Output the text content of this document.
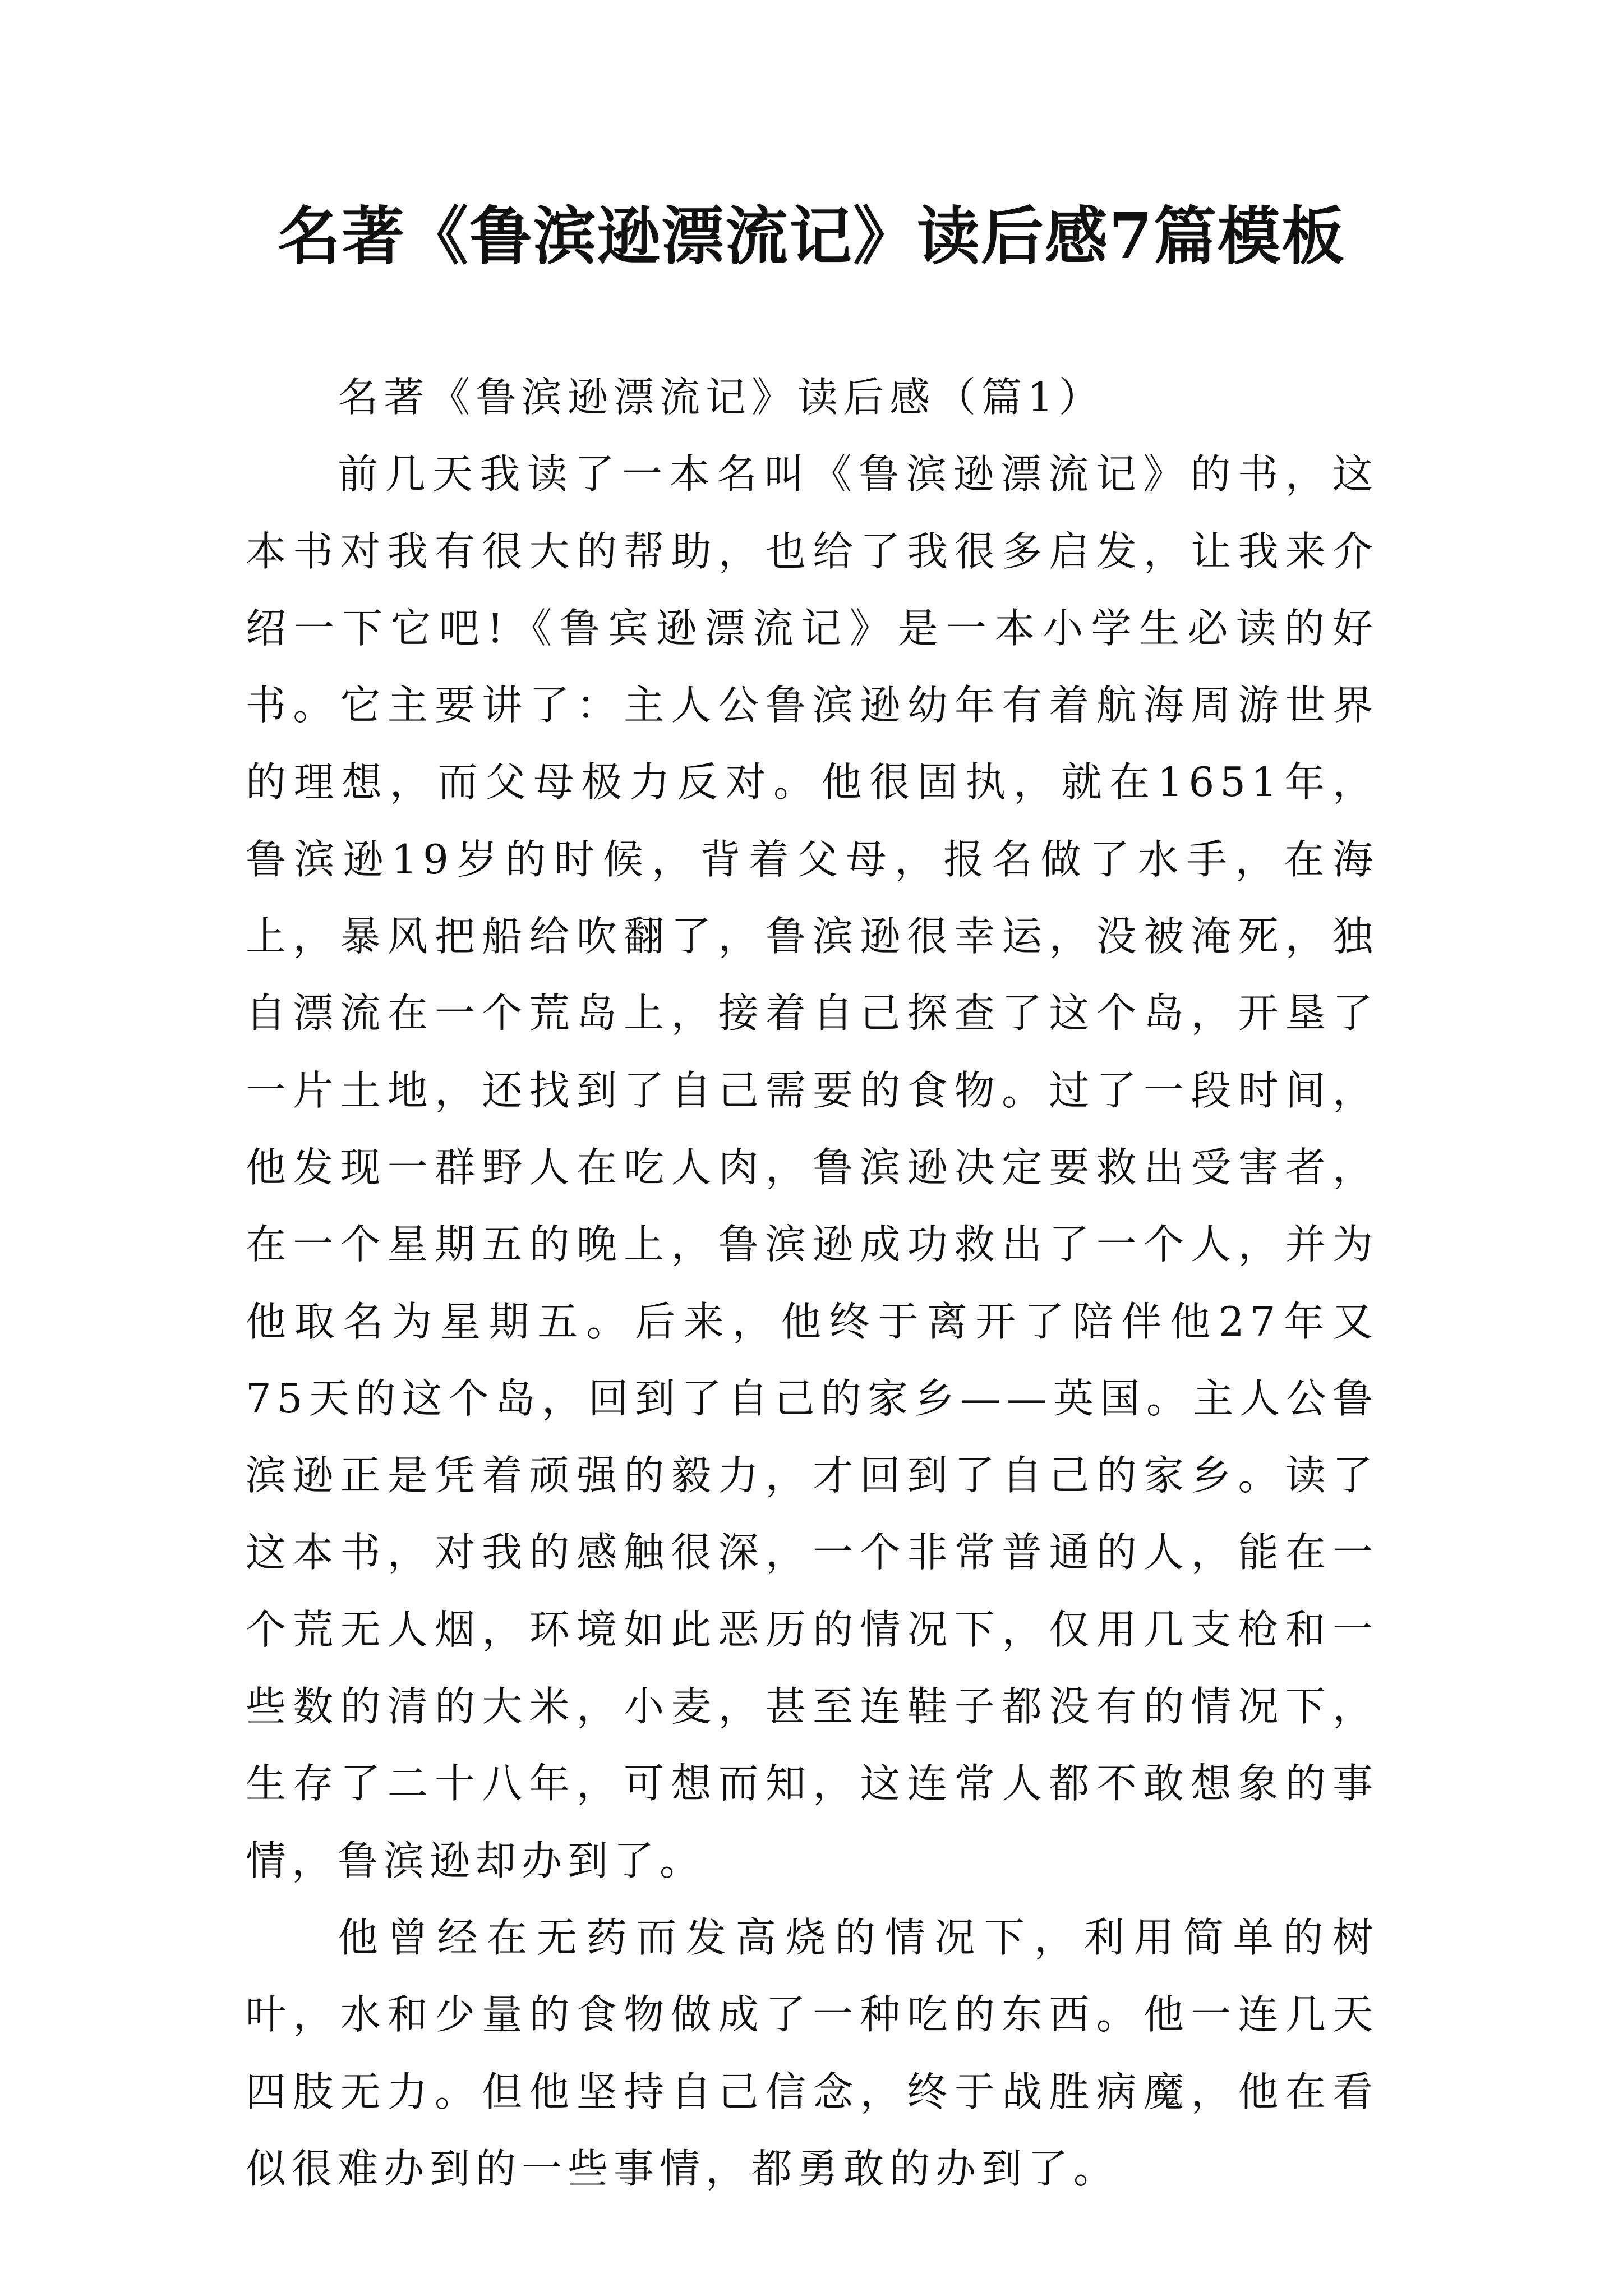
名著《鲁滨逊漂流记》读后感7篇模板

名著《鲁滨逊漂流记》读后感（篇1）

前几天我读了一本名叫《鲁滨逊漂流记》的书，这本书对我有很大的帮助，也给了我很多启发，让我来介绍一下它吧!《鲁宾逊漂流记》是一本小学生必读的好书。它主要讲了：主人公鲁滨逊幼年有着航海周游世界的理想，而父母极力反对。他很固执，就在1651年，鲁滨逊19岁的时候，背着父母，报名做了水手，在海上，暴风把船给吹翻了，鲁滨逊很幸运，没被淹死，独自漂流在一个荒岛上，接着自己探查了这个岛，开垦了一片土地，还找到了自己需要的食物。过了一段时间，他发现一群野人在吃人肉，鲁滨逊决定要救出受害者，在一个星期五的晚上，鲁滨逊成功救出了一个人，并为他取名为星期五。后来，他终于离开了陪伴他27年又75天的这个岛，回到了自己的家乡——英国。主人公鲁滨逊正是凭着顽强的毅力，才回到了自己的家乡。读了这本书，对我的感触很深，一个非常普通的人，能在一个荒无人烟，环境如此恶历的情况下，仅用几支枪和一些数的清的大米，小麦，甚至连鞋子都没有的情况下，生存了二十八年，可想而知，这连常人都不敢想象的事情，鲁滨逊却办到了。

他曾经在无药而发高烧的情况下，利用简单的树叶，水和少量的食物做成了一种吃的东西。他一连几天四肢无力。但他坚持自己信念，终于战胜病魔，他在看似很难办到的一些事情，都勇敢的办到了。
